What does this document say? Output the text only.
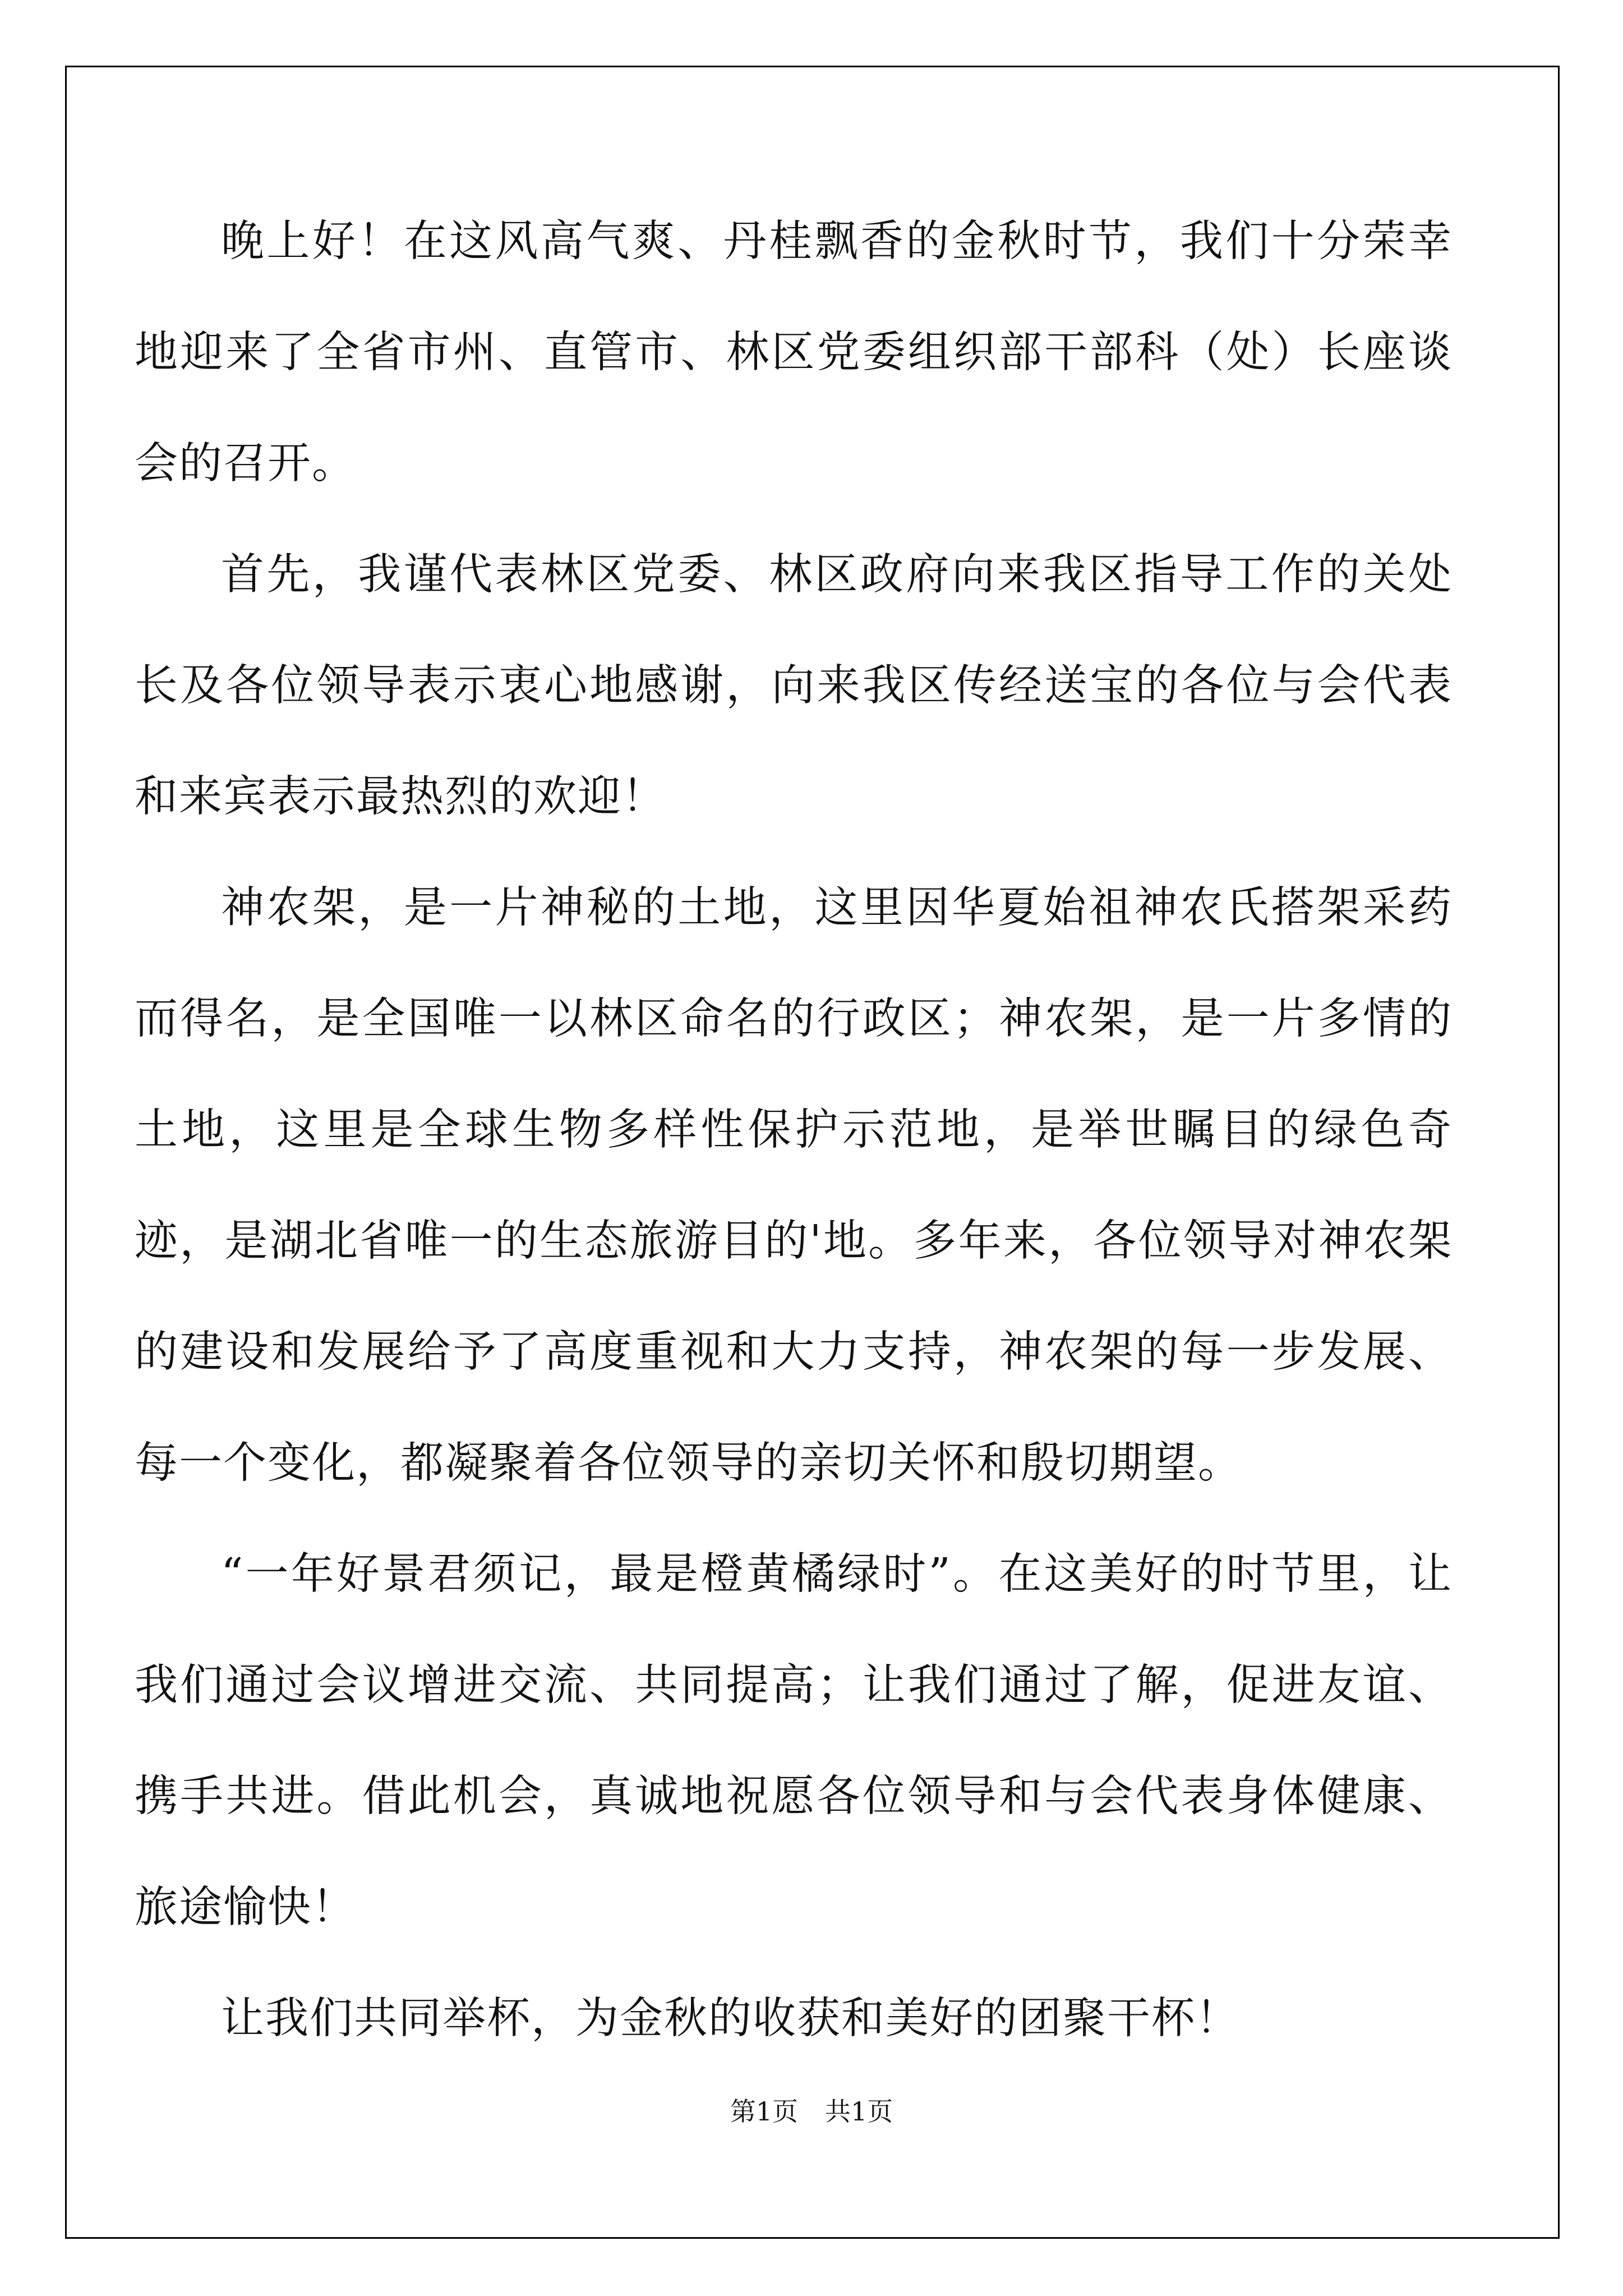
晚上好！在这风高气爽、丹桂飘香的金秋时节，我们十分荣幸地迎来了全省市州、直管市、林区党委组织部干部科（处）长座谈会的召开。

首先，我谨代表林区党委、林区政府向来我区指导工作的关处长及各位领导表示衷心地感谢，向来我区传经送宝的各位与会代表和来宾表示最热烈的欢迎！

神农架，是一片神秘的土地，这里因华夏始祖神农氏搭架采药而得名，是全国唯一以林区命名的行政区；神农架，是一片多情的土地，这里是全球生物多样性保护示范地，是举世瞩目的绿色奇迹，是湖北省唯一的生态旅游目的'地。多年来，各位领导对神农架的建设和发展给予了高度重视和大力支持，神农架的每一步发展、每一个变化，都凝聚着各位领导的亲切关怀和殷切期望。

“一年好景君须记，最是橙黄橘绿时”。在这美好的时节里，让我们通过会议增进交流、共同提高；让我们通过了解，促进友谊、携手共进。借此机会，真诚地祝愿各位领导和与会代表身体健康、旅途愉快！

让我们共同举杯，为金秋的收获和美好的团聚干杯！

第1页 共1页
